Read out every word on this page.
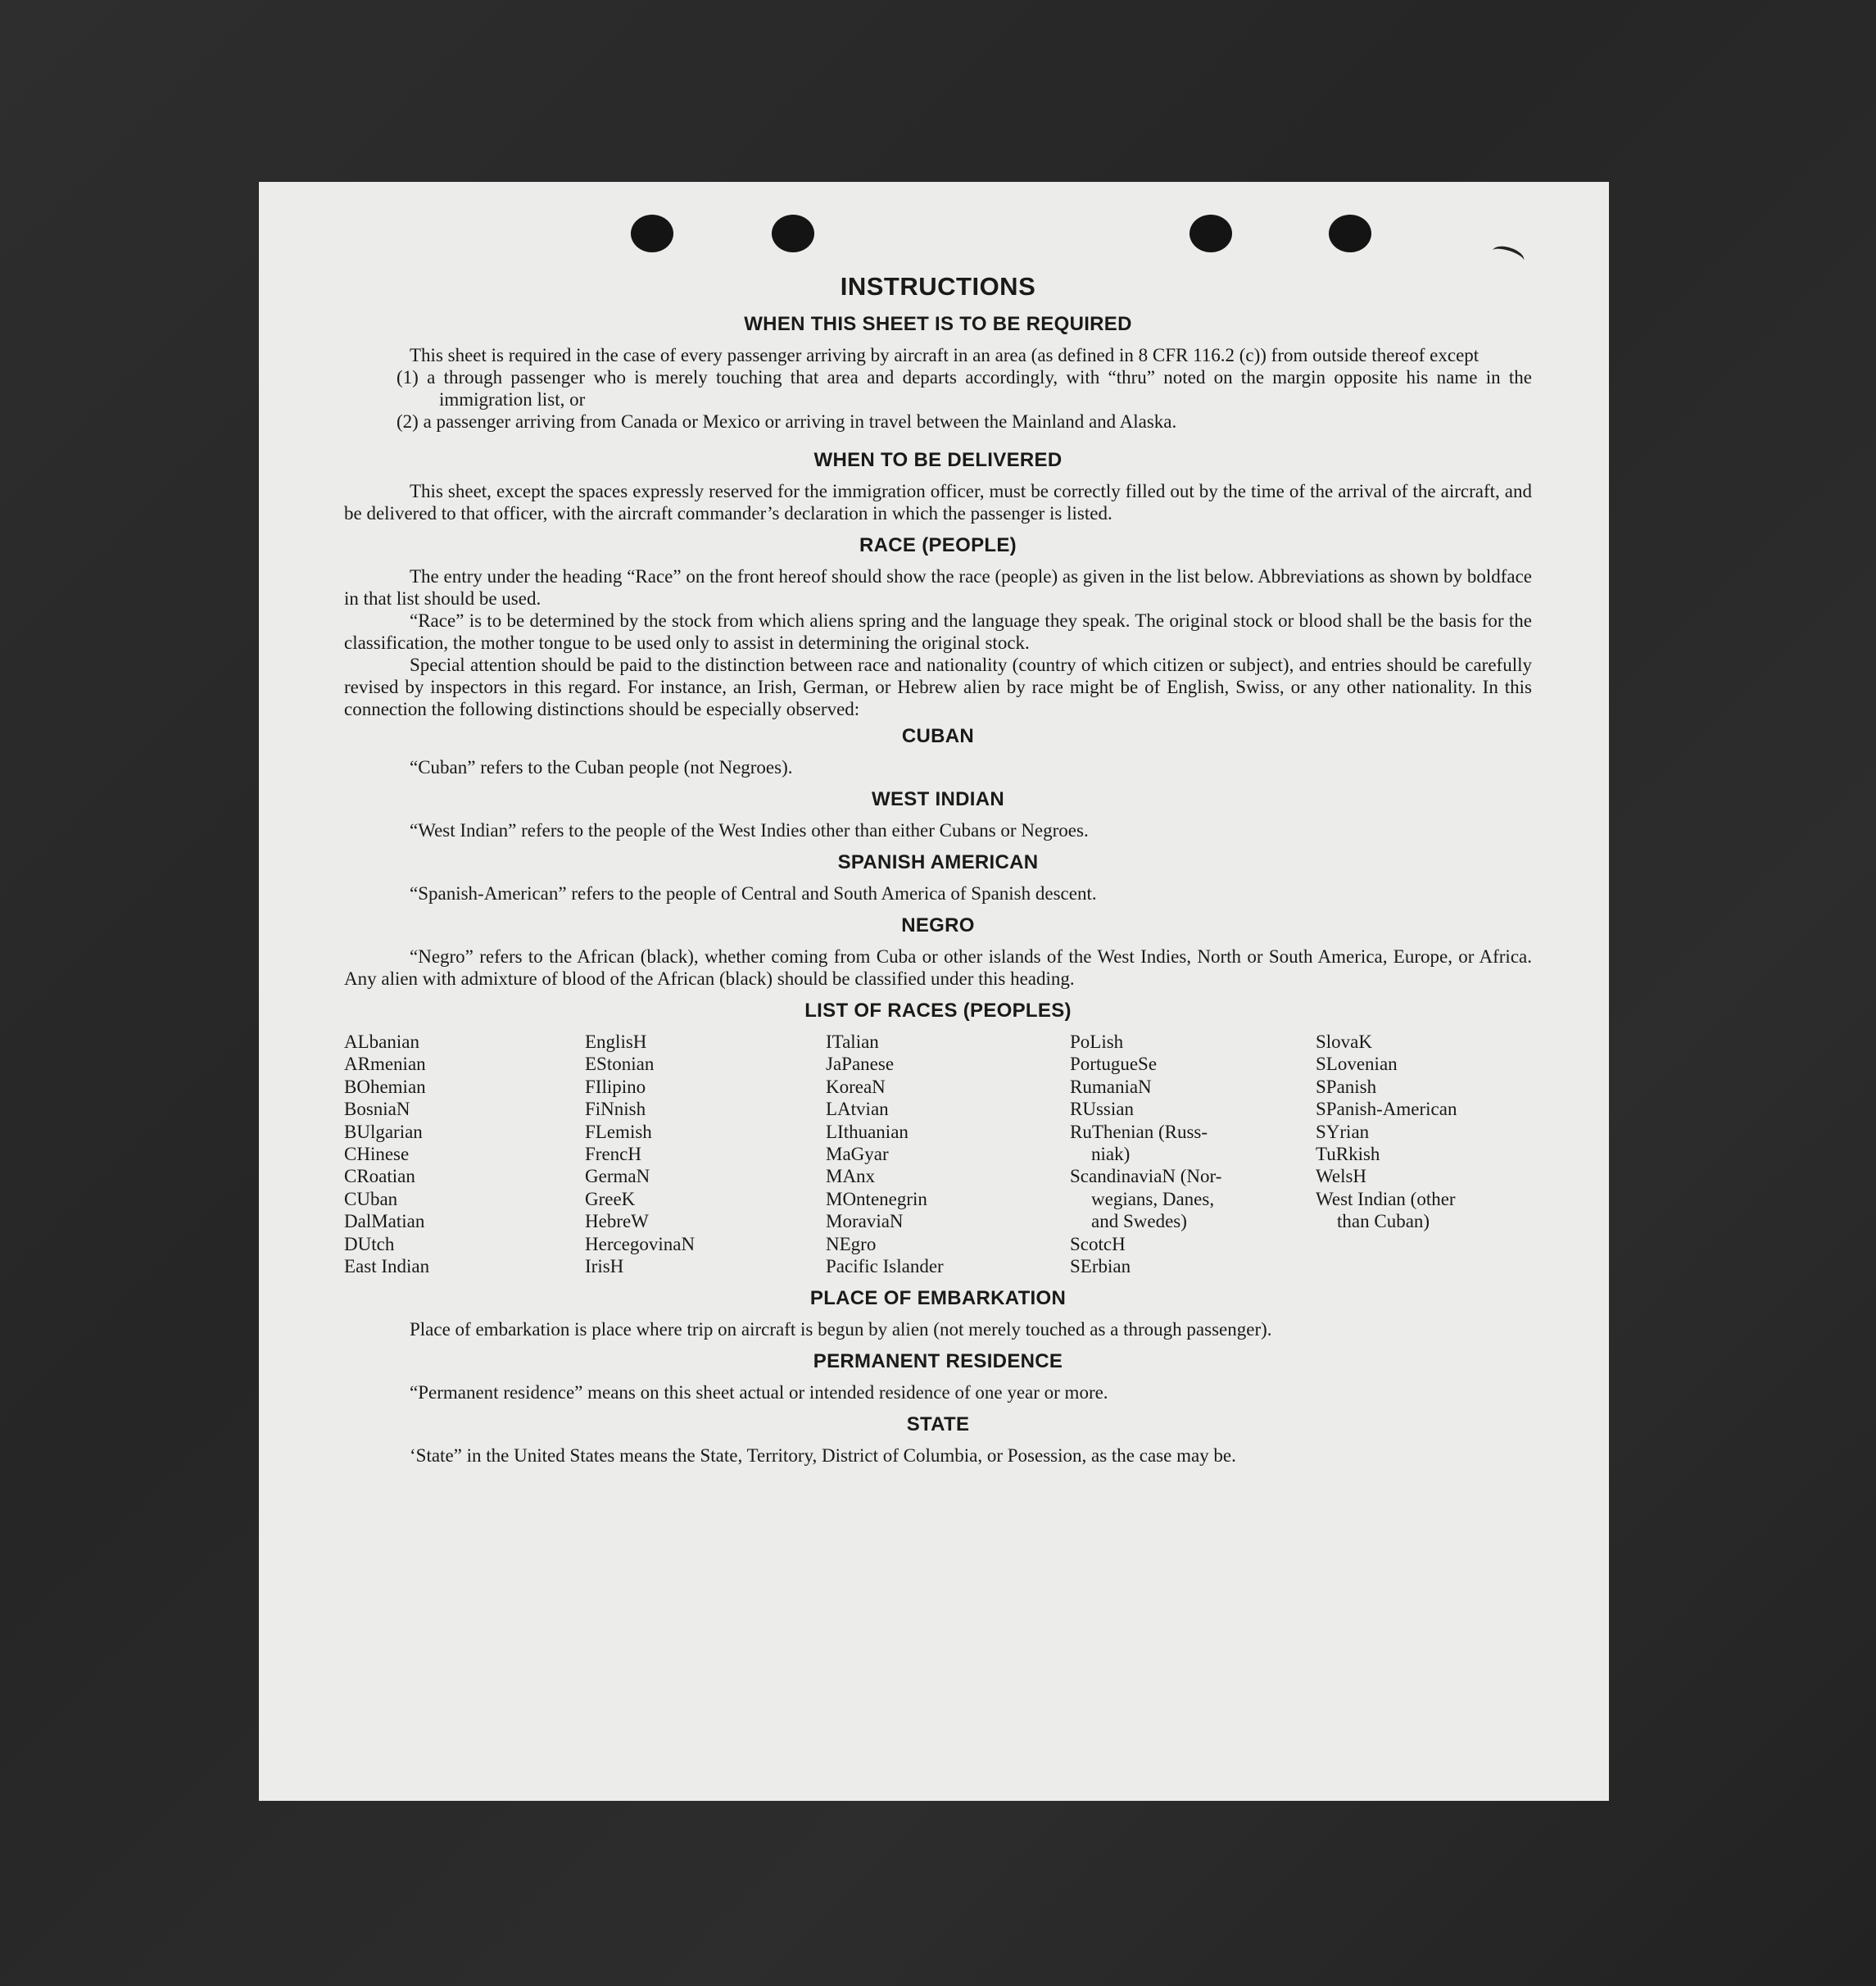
INSTRUCTIONS
WHEN THIS SHEET IS TO BE REQUIRED

This sheet is required in the case of every passenger arriving by aircraft in an area (as defined in 8 CFR 116.2 (c)) from outside thereof except

(1) a through passenger who is merely touching that area and departs accordingly, with “thru” noted on the margin opposite his name in the immigration list, or

(2) a passenger arriving from Canada or Mexico or arriving in travel between the Mainland and Alaska.

WHEN TO BE DELIVERED

This sheet, except the spaces expressly reserved for the immigration officer, must be correctly filled out by the time of the arrival of the aircraft, and be delivered to that officer, with the aircraft commander’s declaration in which the passenger is listed.

RACE (PEOPLE)

The entry under the heading “Race” on the front hereof should show the race (people) as given in the list below. Abbreviations as shown by boldface in that list should be used.

“Race” is to be determined by the stock from which aliens spring and the language they speak. The original stock or blood shall be the basis for the classification, the mother tongue to be used only to assist in determining the original stock.

Special attention should be paid to the distinction between race and nationality (country of which citizen or subject), and entries should be carefully revised by inspectors in this regard. For instance, an Irish, German, or Hebrew alien by race might be of English, Swiss, or any other nationality. In this connection the following distinctions should be especially observed:

CUBAN

“Cuban” refers to the Cuban people (not Negroes).

WEST INDIAN

“West Indian” refers to the people of the West Indies other than either Cubans or Negroes.

SPANISH AMERICAN

“Spanish-American” refers to the people of Central and South America of Spanish descent.

NEGRO

“Negro” refers to the African (black), whether coming from Cuba or other islands of the West Indies, North or South America, Europe, or Africa. Any alien with admixture of blood of the African (black) should be classified under this heading.

LIST OF RACES (PEOPLES)
ALbanian
ARmenian
BOhemian
BosniaN
BUlgarian
CHinese
CRoatian
CUban
DalMatian
DUtch
East Indian
EnglisH
EStonian
FIlipino
FiNnish
FLemish
FrencH
GermaN
GreeK
HebreW
HercegovinaN
IrisH
ITalian
JaPanese
KoreaN
LAtvian
LIthuanian
MaGyar
MAnx
MOntenegrin
MoraviaN
NEgro
Pacific Islander
PoLish
PortugueSe
RumaniaN
RUssian
RuThenian (Russ-
niak)
ScandinaviaN (Nor-
wegians, Danes,
and Swedes)
ScotcH
SErbian
SlovaK
SLovenian
SPanish
SPanish-American
SYrian
TuRkish
WelsH
West Indian (other
than Cuban)
PLACE OF EMBARKATION

Place of embarkation is place where trip on aircraft is begun by alien (not merely touched as a through passenger).

PERMANENT RESIDENCE

“Permanent residence” means on this sheet actual or intended residence of one year or more.

STATE

‘State” in the United States means the State, Territory, District of Columbia, or Posession, as the case may be.
